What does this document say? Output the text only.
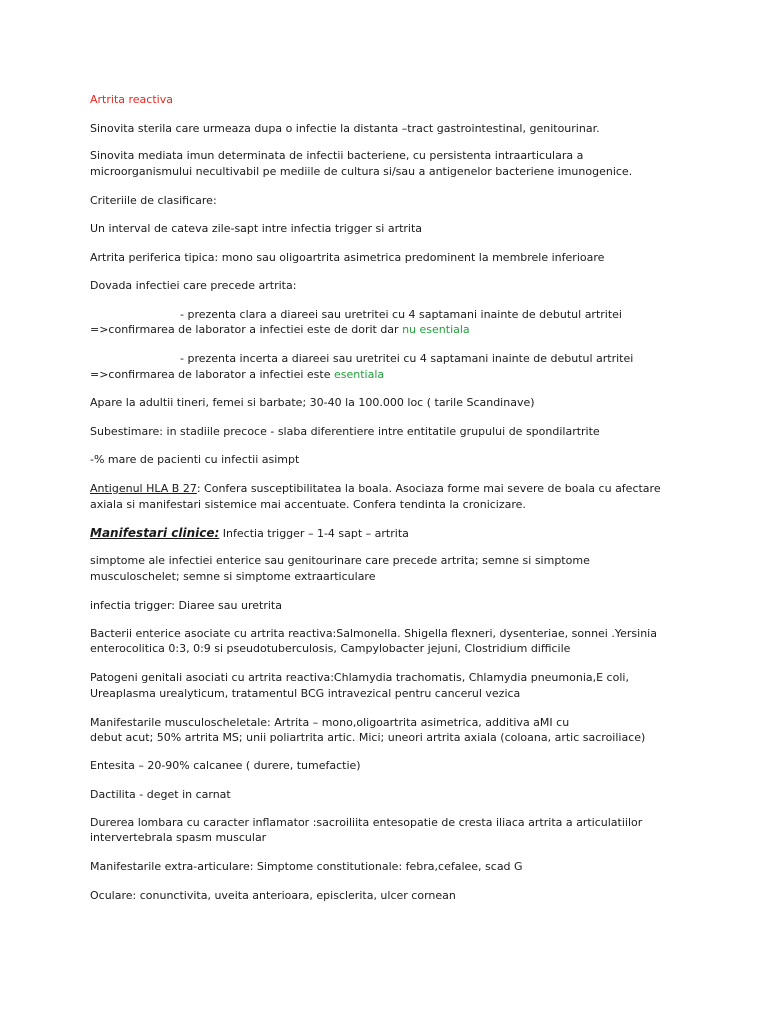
Artrita reactiva
Sinovita sterila care urmeaza dupa o infectie la distanta –tract gastrointestinal, genitourinar.
Sinovita mediata imun determinata de infectii bacteriene, cu persistenta intraarticulara a
microorganismului necultivabil pe mediile de cultura si/sau a antigenelor bacteriene imunogenice.
Criteriile de clasificare:
Un interval de cateva zile-sapt intre infectia trigger si artrita
Artrita periferica tipica: mono sau oligoartrita asimetrica predominent la membrele inferioare
Dovada infectiei care precede artrita:
- prezenta clara a diareei sau uretritei cu 4 saptamani inainte de debutul artritei
=>confirmarea de laborator a infectiei este de dorit dar nu esentiala
- prezenta incerta a diareei sau uretritei cu 4 saptamani inainte de debutul artritei
=>confirmarea de laborator a infectiei este esentiala
Apare la adultii tineri, femei si barbate; 30-40 la 100.000 loc ( tarile Scandinave)
Subestimare: in stadiile precoce - slaba diferentiere intre entitatile grupului de spondilartrite
-% mare de pacienti cu infectii asimpt
Antigenul HLA B 27: Confera susceptibilitatea la boala. Asociaza forme mai severe de boala cu afectare
axiala si manifestari sistemice mai accentuate. Confera tendinta la cronicizare.
Manifestari clinice: Infectia trigger – 1-4 sapt – artrita
simptome ale infectiei enterice sau genitourinare care precede artrita; semne si simptome
musculoschelet; semne si simptome extraarticulare
infectia trigger: Diaree sau uretrita
Bacterii enterice asociate cu artrita reactiva:Salmonella. Shigella flexneri, dysenteriae, sonnei .Yersinia
enterocolitica 0:3, 0:9 si pseudotuberculosis, Campylobacter jejuni, Clostridium difficile
Patogeni genitali asociati cu artrita reactiva:Chlamydia trachomatis, Chlamydia pneumonia,E coli,
Ureaplasma urealyticum, tratamentul BCG intravezical pentru cancerul vezica
Manifestarile musculoscheletale: Artrita – mono,oligoartrita asimetrica, additiva aMI cu
debut acut; 50% artrita MS; unii poliartrita artic. Mici; uneori artrita axiala (coloana, artic sacroiliace)
Entesita – 20-90% calcanee ( durere, tumefactie)
Dactilita - deget in carnat
Durerea lombara cu caracter inflamator :sacroiliita entesopatie de cresta iliaca artrita a articulatiilor
intervertebrala spasm muscular
Manifestarile extra-articulare: Simptome constitutionale: febra,cefalee, scad G
Oculare: conunctivita, uveita anterioara, episclerita, ulcer cornean
